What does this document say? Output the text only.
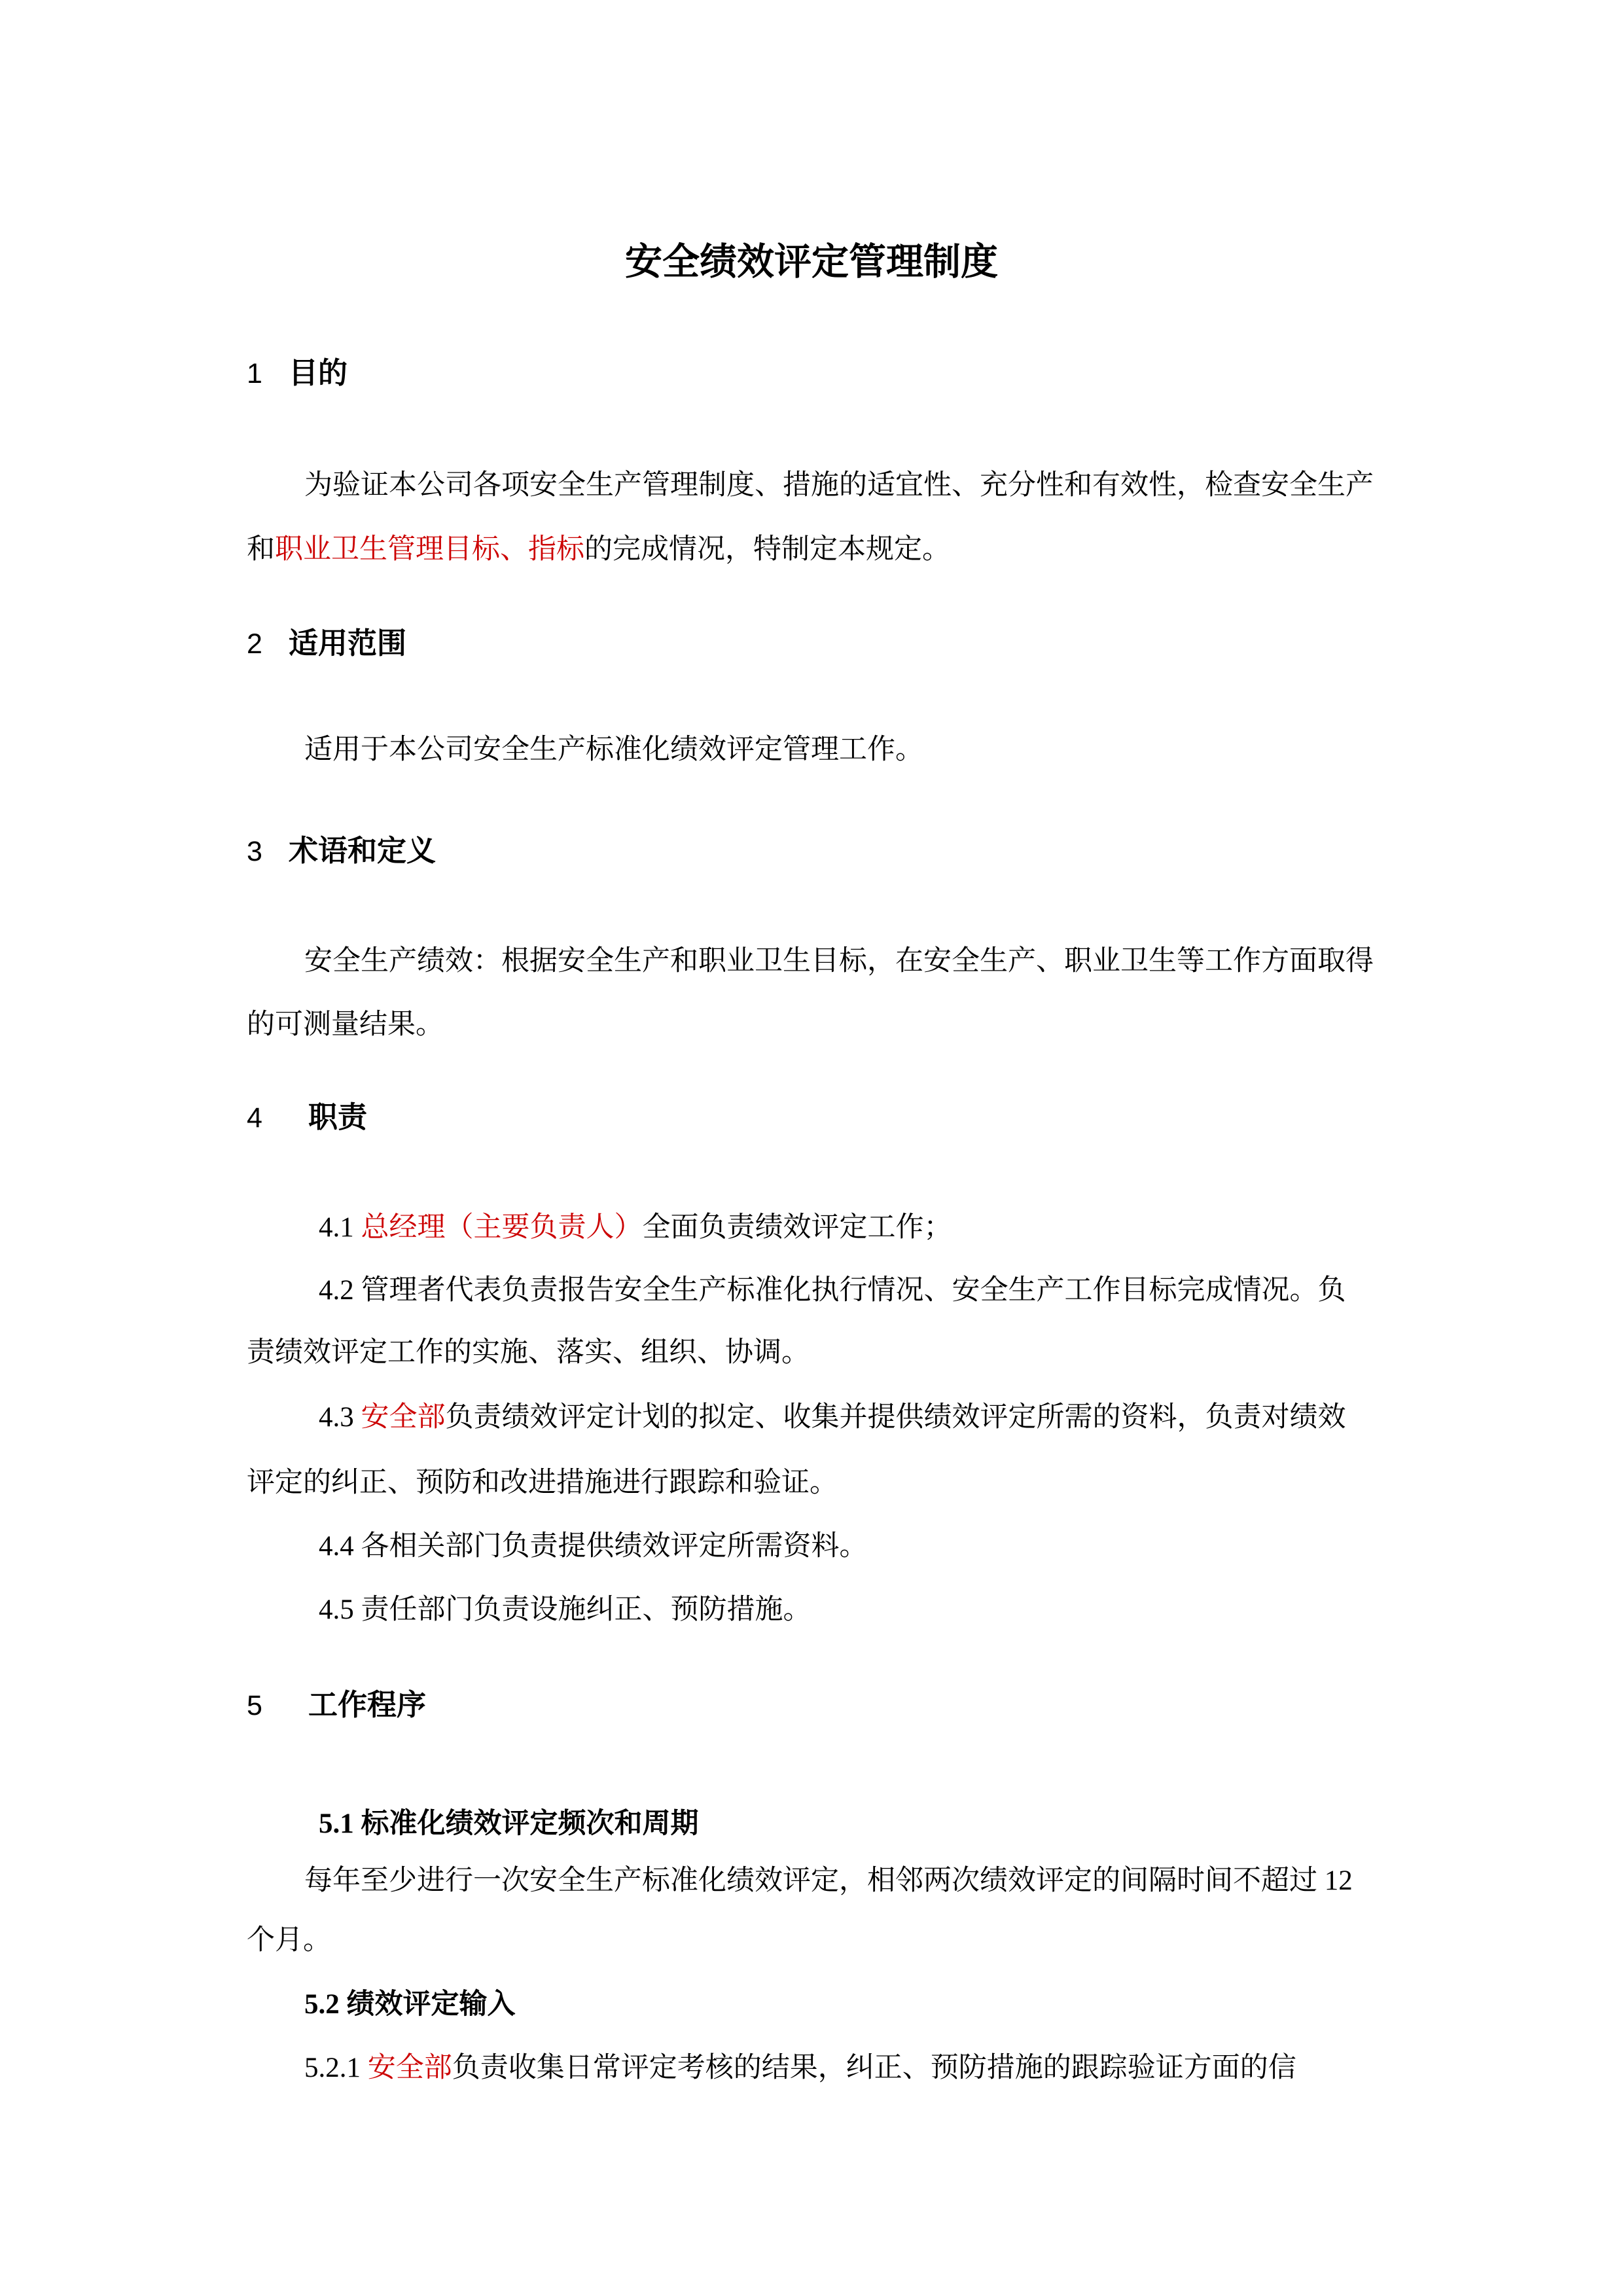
安全绩效评定管理制度
1 目的
为验证本公司各项安全生产管理制度、措施的适宜性、充分性和有效性，检查安全生产
和职业卫生管理目标、指标的完成情况，特制定本规定。
2 适用范围
适用于本公司安全生产标准化绩效评定管理工作。
3 术语和定义
安全生产绩效：根据安全生产和职业卫生目标，在安全生产、职业卫生等工作方面取得
的可测量结果。
4 职责
4.1 总经理（主要负责人）全面负责绩效评定工作；
4.2 管理者代表负责报告安全生产标准化执行情况、安全生产工作目标完成情况。负
责绩效评定工作的实施、落实、组织、协调。
4.3 安全部负责绩效评定计划的拟定、收集并提供绩效评定所需的资料，负责对绩效
评定的纠正、预防和改进措施进行跟踪和验证。
4.4 各相关部门负责提供绩效评定所需资料。
4.5 责任部门负责设施纠正、预防措施。
5 工作程序
5.1 标准化绩效评定频次和周期
每年至少进行一次安全生产标准化绩效评定，相邻两次绩效评定的间隔时间不超过 12
个月。
5.2 绩效评定输入
5.2.1 安全部负责收集日常评定考核的结果，纠正、预防措施的跟踪验证方面的信
